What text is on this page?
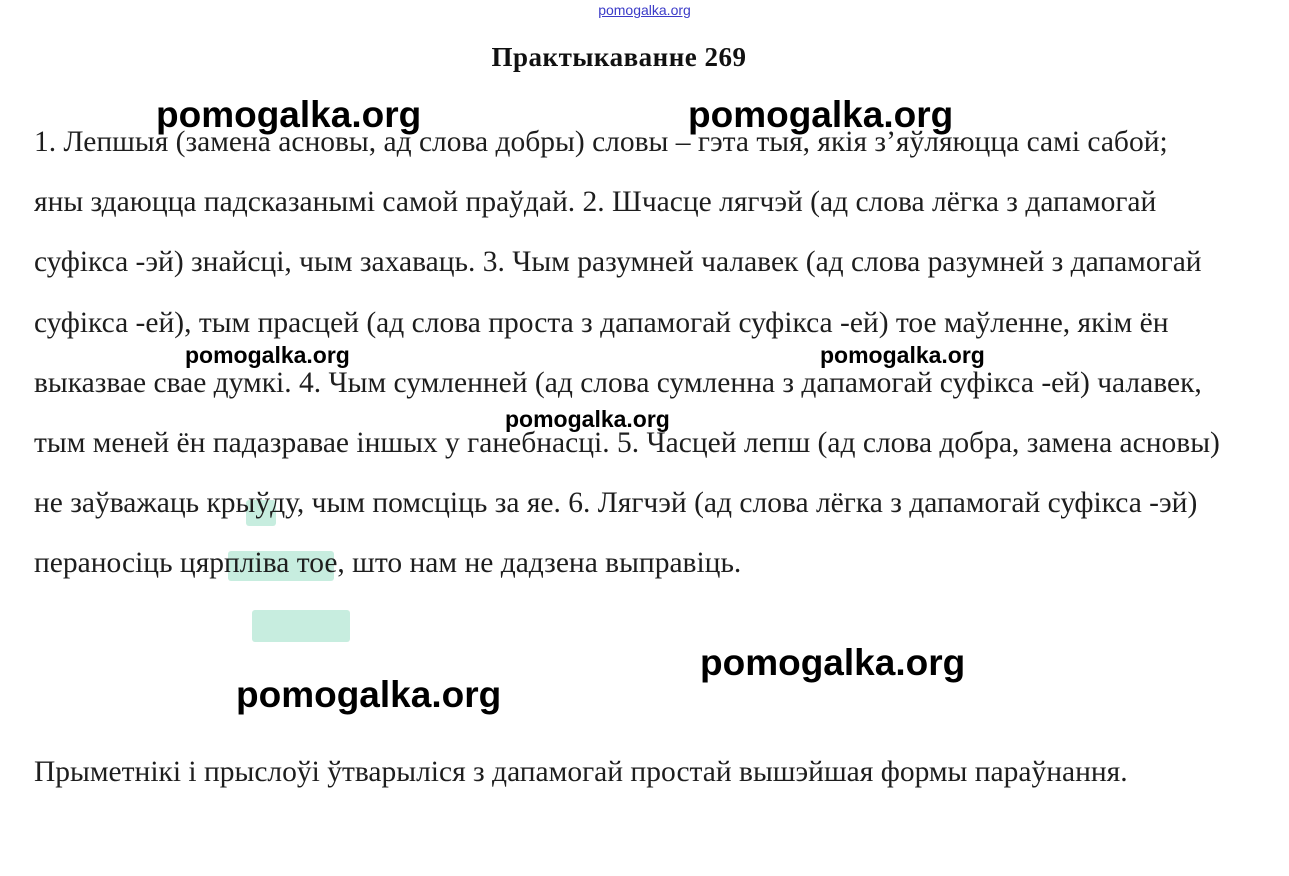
pomogalka.org
Практыкаванне 269

1. Лепшыя (замена асновы, ад слова добры) словы – гэта тыя, якія з’яўляюцца самі сабой; яны здаюцца падсказанымі самой праўдай. 2. Шчасце лягчэй (ад слова лёгка з дапамогай суфікса -эй) знайсці, чым захаваць. 3. Чым разумней чалавек (ад слова разумней з дапамогай суфікса -ей), тым прасцей (ад слова проста з дапамогай суфікса -ей) тое маўленне, якім ён выказвае свае думкі. 4. Чым сумленней (ад слова сумленна з дапамогай суфікса -ей) чалавек, тым меней ён падазравае іншых у ганебнасці. 5. Часцей лепш (ад слова добра, замена асновы) не заўважаць крыўду, чым помсціць за яе. 6. Лягчэй (ад слова лёгка з дапамогай суфікса -эй) пераносіць цярпліва тое, што нам не дадзена выправіць.

Прыметнікі і прыслоўі ўтварыліся з дапамогай простай вышэйшая формы параўнання.

pomogalka.org	pomogalka.org
pomogalka.org	pomogalka.org
pomogalka.org
pomogalka.org
pomogalka.org
